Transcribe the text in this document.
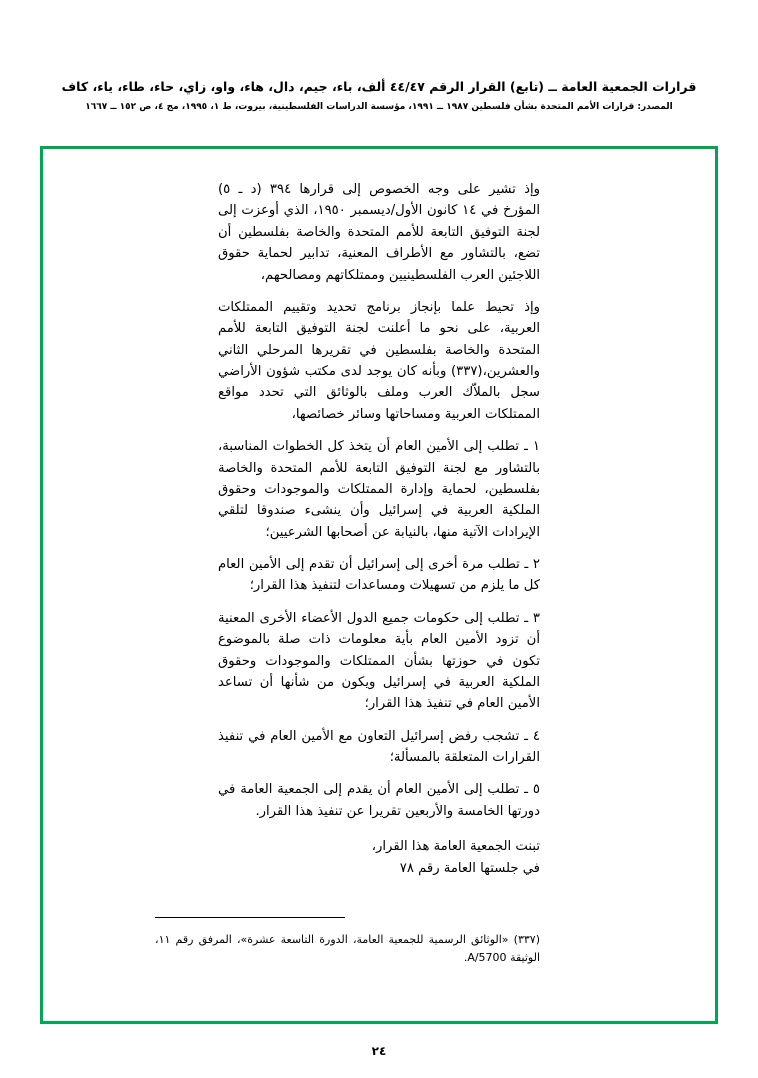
قرارات الجمعية العامة ــ (تابع) القرار الرقم ٤٤/٤٧ ألف، باء، جيم، دال، هاء، واو، زاي، حاء، طاء، ياء، كاف
المصدر: قرارات الأمم المتحدة بشأن فلسطين ١٩٨٧ ــ ١٩٩١، مؤسسة الدراسات الفلسطينية، بيروت، ط ١، ١٩٩٥، مج ٤، ص ١٥٢ ــ ١٦٦٧

وإذ تشير على وجه الخصوص إلى قرارها ٣٩٤ (د ـ ٥) المؤرخ في ١٤ كانون الأول/ديسمبر ١٩٥٠، الذي أوعزت إلى لجنة التوفيق التابعة للأمم المتحدة والخاصة بفلسطين أن تضع، بالتشاور مع الأطراف المعنية، تدابير لحماية حقوق اللاجئين العرب الفلسطينيين وممتلكاتهم ومصالحهم،

وإذ تحيط علما بإنجاز برنامج تحديد وتقييم الممتلكات العربية، على نحو ما أعلنت لجنة التوفيق التابعة للأمم المتحدة والخاصة بفلسطين في تقريرها المرحلي الثاني والعشرين،(٣٣٧) وبأنه كان يوجد لدى مكتب شؤون الأراضي سجل بالملاّك العرب وملف بالوثائق التي تحدد مواقع الممتلكات العربية ومساحاتها وسائر خصائصها،

١ ـ تطلب إلى الأمين العام أن يتخذ كل الخطوات المناسبة، بالتشاور مع لجنة التوفيق التابعة للأمم المتحدة والخاصة بفلسطين، لحماية وإدارة الممتلكات والموجودات وحقوق الملكية العربية في إسرائيل وأن ينشىء صندوقا لتلقي الإيرادات الآتية منها، بالنيابة عن أصحابها الشرعيين؛

٢ ـ تطلب مرة أخرى إلى إسرائيل أن تقدم إلى الأمين العام كل ما يلزم من تسهيلات ومساعدات لتنفيذ هذا القرار؛

٣ ـ تطلب إلى حكومات جميع الدول الأعضاء الأخرى المعنية أن تزود الأمين العام بأية معلومات ذات صلة بالموضوع تكون في حوزتها بشأن الممتلكات والموجودات وحقوق الملكية العربية في إسرائيل ويكون من شأنها أن تساعد الأمين العام في تنفيذ هذا القرار؛

٤ ـ تشجب رفض إسرائيل التعاون مع الأمين العام في تنفيذ القرارات المتعلقة بالمسألة؛

٥ ـ تطلب إلى الأمين العام أن يقدم إلى الجمعية العامة في دورتها الخامسة والأربعين تقريرا عن تنفيذ هذا القرار.

تبنت الجمعية العامة هذا القرار،

في جلستها العامة رقم ٧٨

(٣٣٧) «الوثائق الرسمية للجمعية العامة، الدورة التاسعة عشرة»، المرفق رقم ١١، الوثيقة A/5700.
٢٤
